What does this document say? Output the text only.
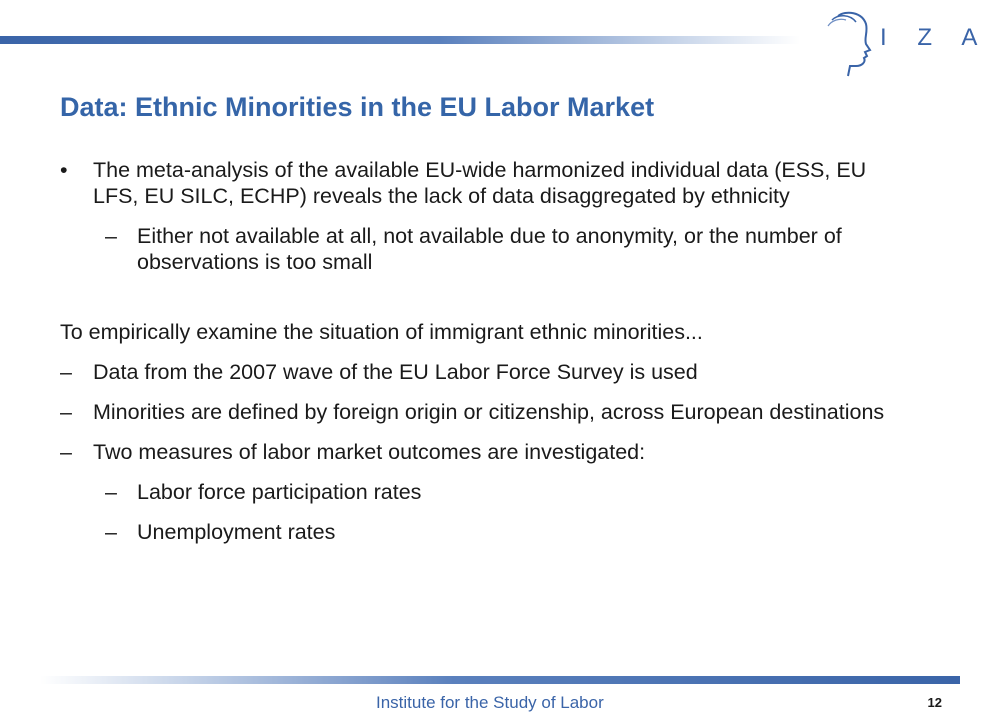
I Z A
Data: Ethnic Minorities in the EU Labor Market
• The meta-analysis of the available EU-wide harmonized individual data (ESS, EU LFS, EU SILC, ECHP) reveals the lack of data disaggregated by ethnicity
– Either not available at all, not available due to anonymity, or the number of observations is too small
To empirically examine the situation of immigrant ethnic minorities...
– Data from the 2007 wave of the EU Labor Force Survey is used
– Minorities are defined by foreign origin or citizenship, across European destinations
– Two measures of labor market outcomes are investigated:
– Labor force participation rates
– Unemployment rates
Institute for the Study of Labor	12
